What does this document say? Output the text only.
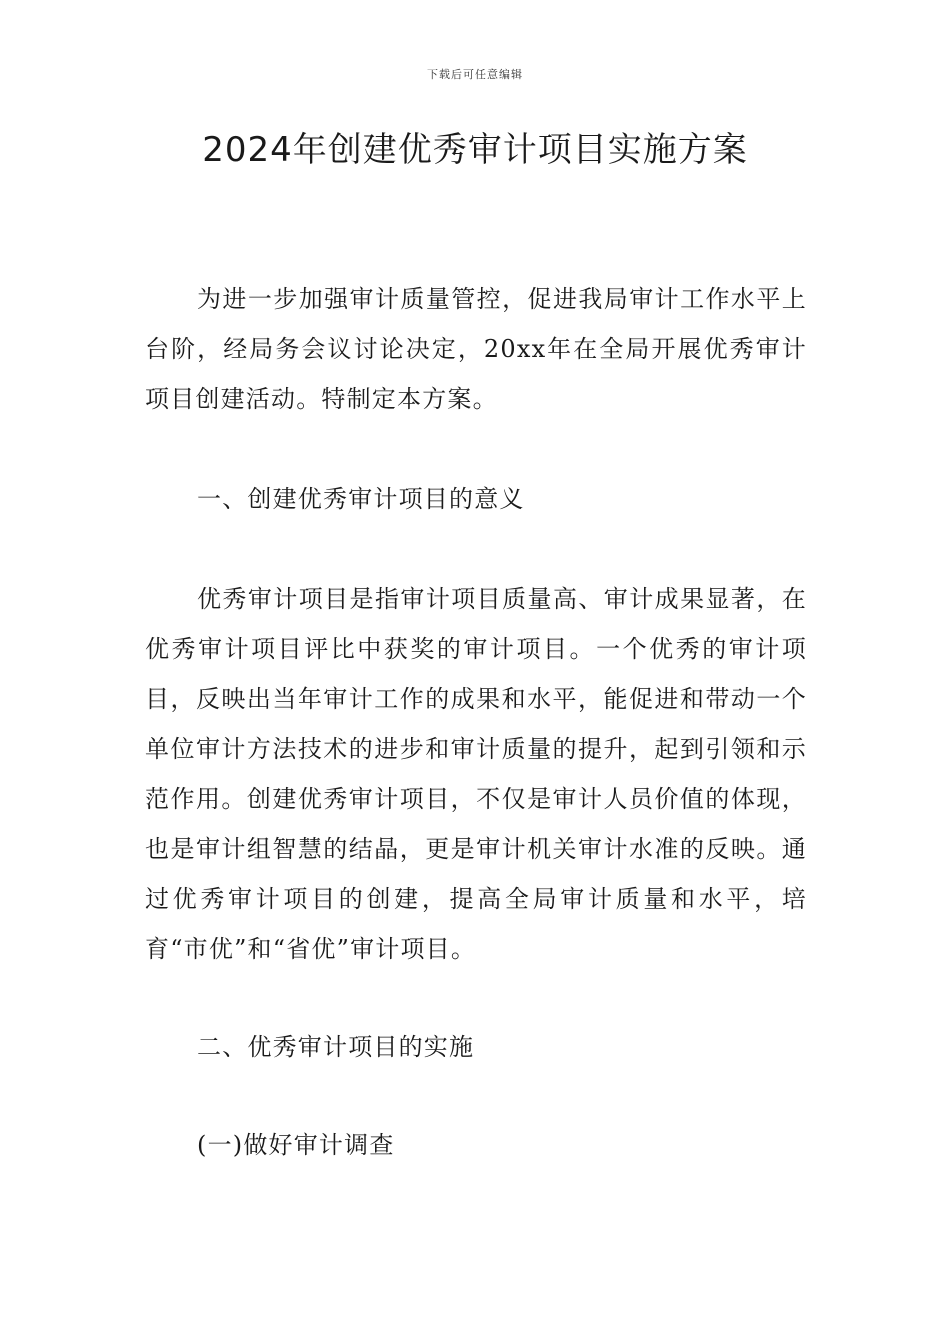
下载后可任意编辑
2024年创建优秀审计项目实施方案

为进一步加强审计质量管控，促进我局审计工作水平上台阶，经局务会议讨论决定，20xx年在全局开展优秀审计项目创建活动。特制定本方案。

一、创建优秀审计项目的意义

优秀审计项目是指审计项目质量高、审计成果显著，在优秀审计项目评比中获奖的审计项目。一个优秀的审计项目，反映出当年审计工作的成果和水平，能促进和带动一个单位审计方法技术的进步和审计质量的提升，起到引领和示范作用。创建优秀审计项目，不仅是审计人员价值的体现，也是审计组智慧的结晶，更是审计机关审计水准的反映。通过优秀审计项目的创建，提高全局审计质量和水平，培育“市优”和“省优”审计项目。

二、优秀审计项目的实施

(一)做好审计调查
